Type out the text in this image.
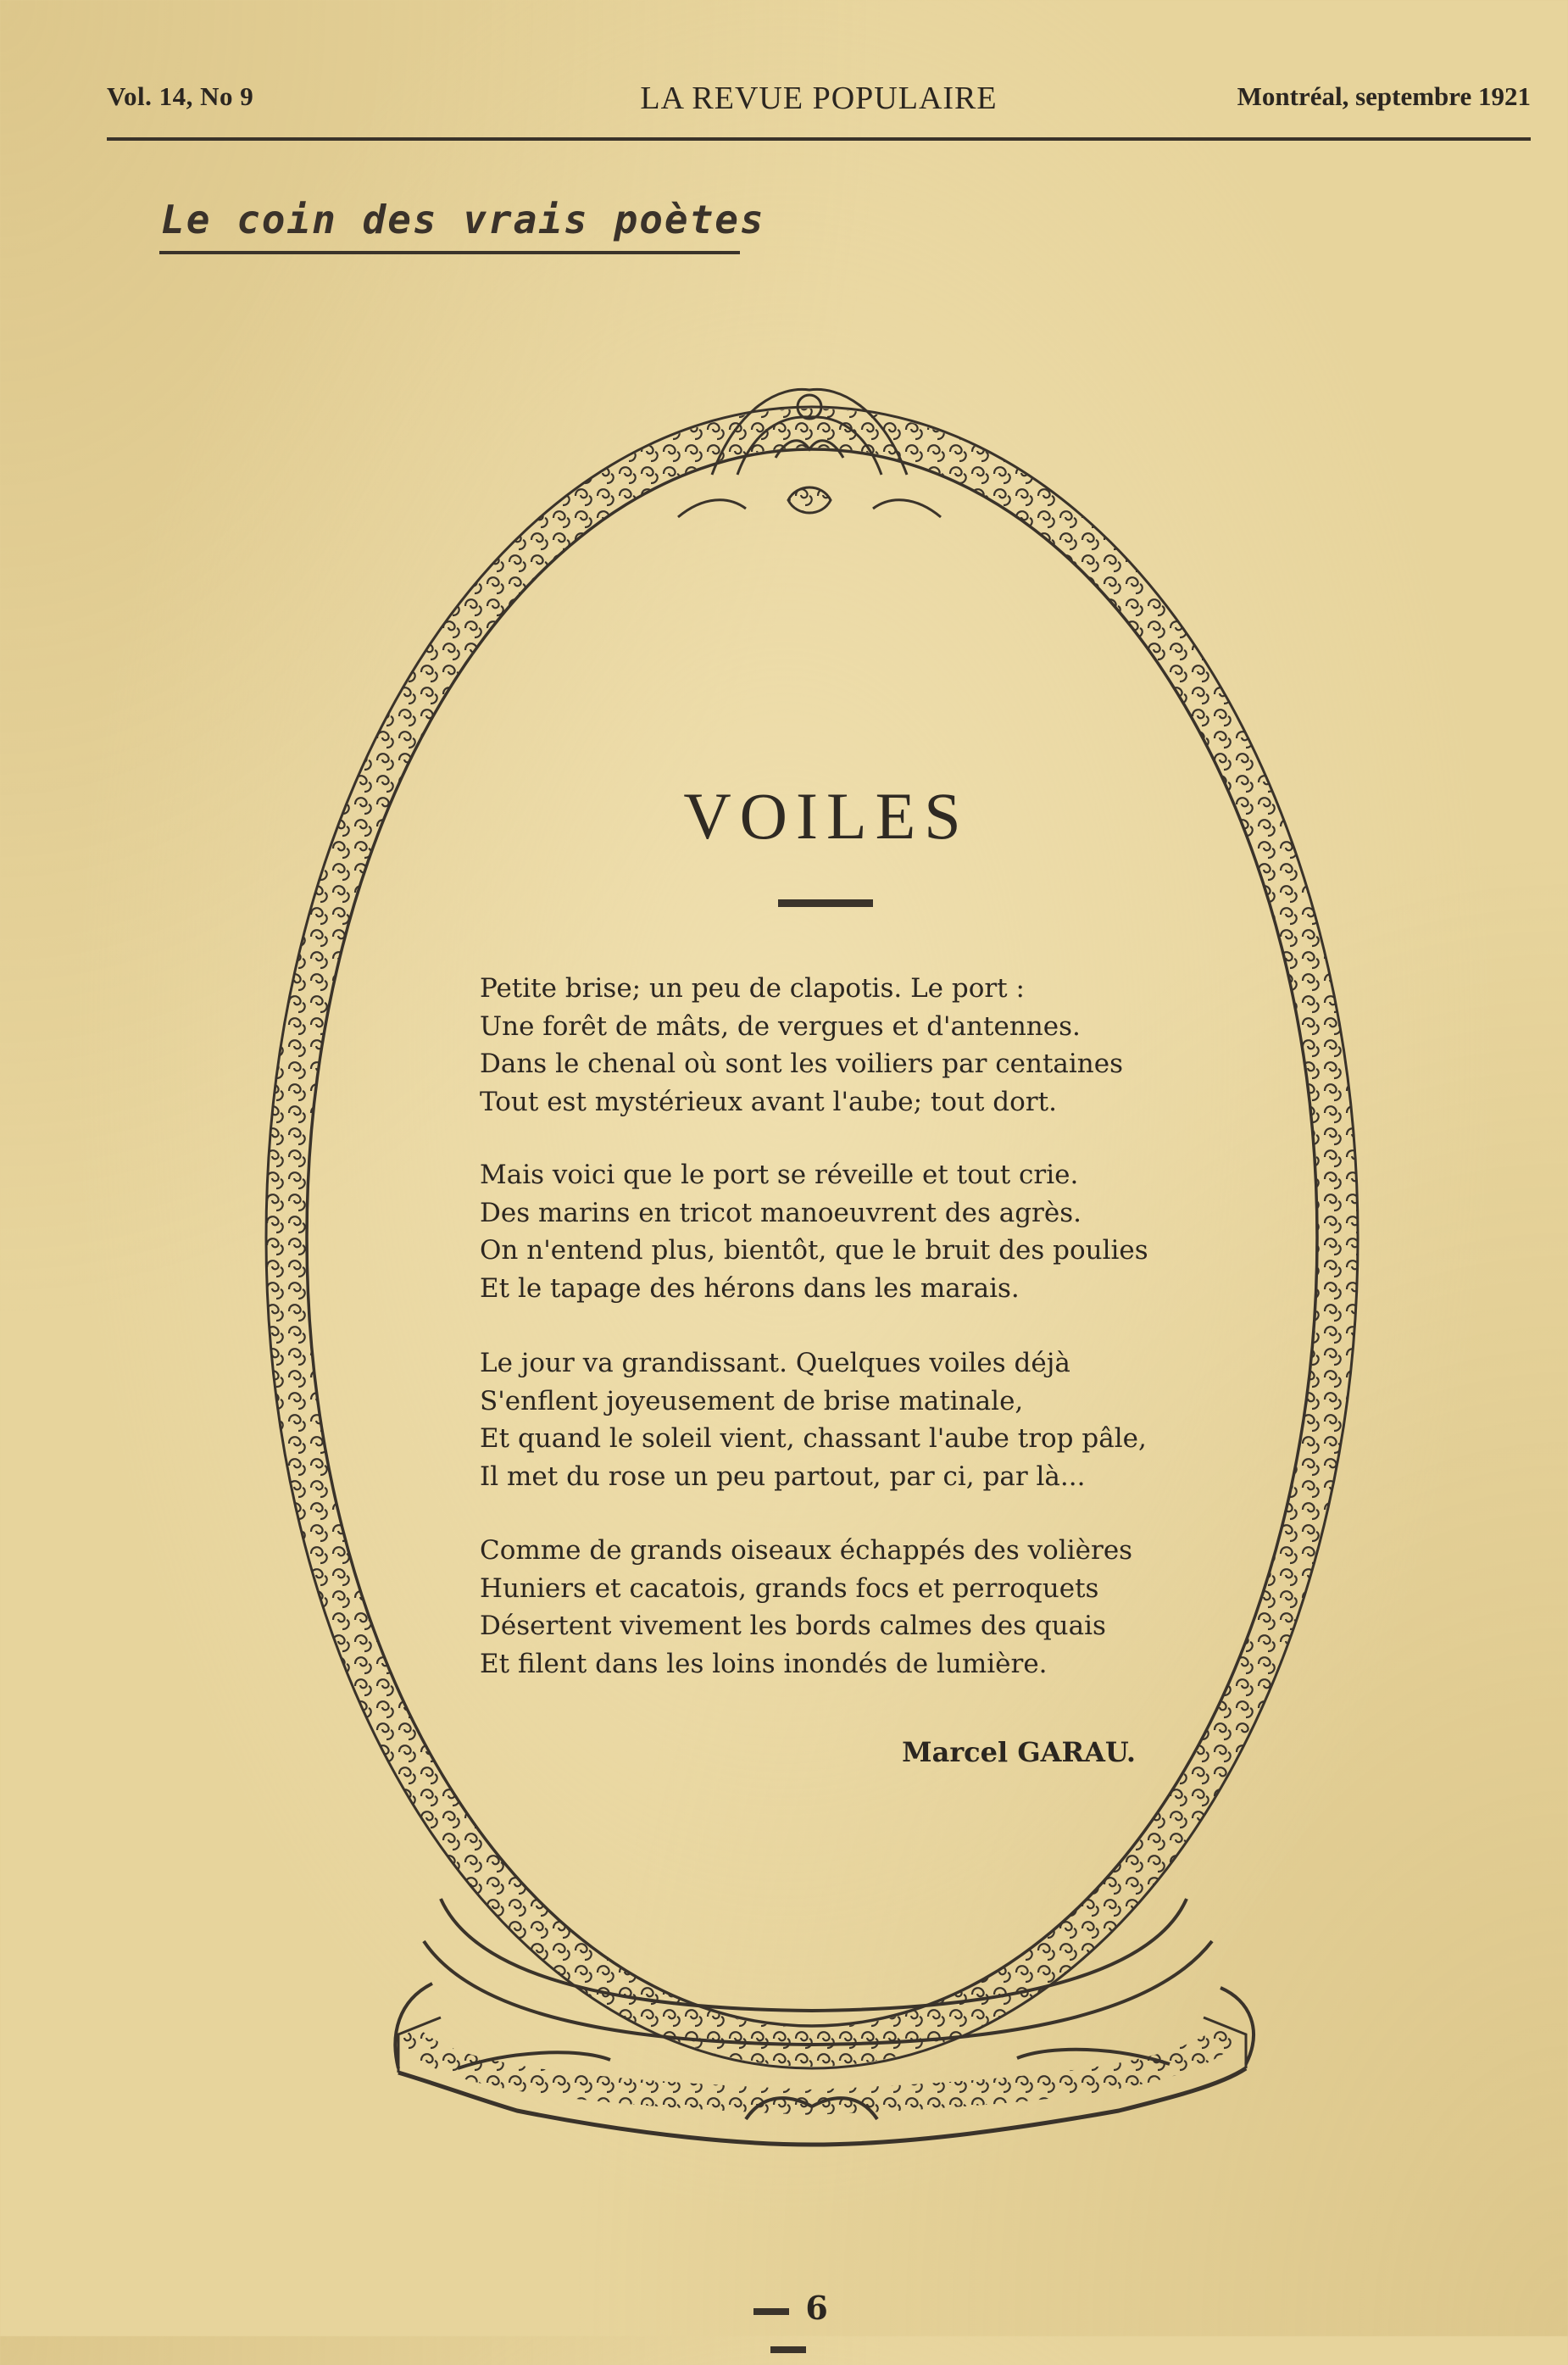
Vol. 14, No 9	LA REVUE POPULAIRE	Montréal, septembre 1921
Le coin des vrais poètes
VOILES
Petite brise; un peu de clapotis. Le port :
Une forêt de mâts, de vergues et d'antennes.
Dans le chenal où sont les voiliers par centaines
Tout est mystérieux avant l'aube; tout dort.
Mais voici que le port se réveille et tout crie.
Des marins en tricot manoeuvrent des agrès.
On n'entend plus, bientôt, que le bruit des poulies
Et le tapage des hérons dans les marais.
Le jour va grandissant. Quelques voiles déjà
S'enflent joyeusement de brise matinale,
Et quand le soleil vient, chassant l'aube trop pâle,
Il met du rose un peu partout, par ci, par là...
Comme de grands oiseaux échappés des volières
Huniers et cacatois, grands focs et perroquets
Désertent vivement les bords calmes des quais
Et filent dans les loins inondés de lumière.
Marcel GARAU.
6
